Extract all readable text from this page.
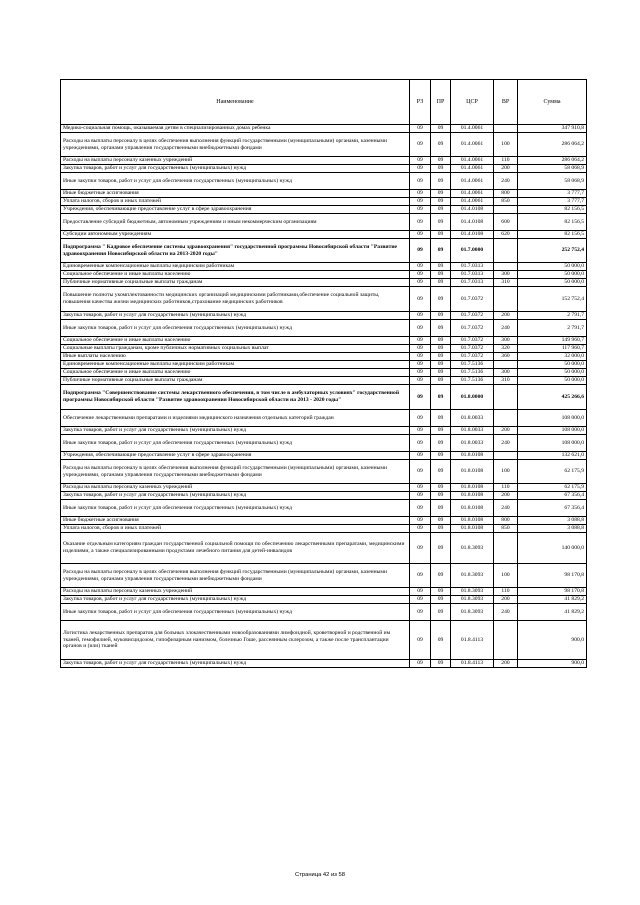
Наименование	РЗ	ПР	ЦСР	ВР	Сумма
Медико-социальная помощь, оказываемая детям в специализированных домах ребенка	09	09	01.4.0061		347 910,8
Расходы на выплаты персоналу в целях обеспечения выполнения функций государственными (муниципальными) органами, казенными учреждениями, органами управления государственными внебюджетными фондами	09	09	01.4.0061	100	286 064,2
Расходы на выплаты персоналу казенных учреждений	09	09	01.4.0061	110	286 064,2
Закупка товаров, работ и услуг для государственных (муниципальных) нужд	09	09	01.4.0061	200	58 068,9
Иные закупки товаров, работ и услуг для обеспечения государственных (муниципальных) нужд	09	09	01.4.0061	240	58 068,9
Иные бюджетные ассигнования	09	09	01.4.0061	800	3 777,7
Уплата налогов, сборов и иных платежей	09	09	01.4.0061	850	3 777,7
Учреждения, обеспечивающие предоставление услуг в сфере здравоохранения	09	09	01.4.0108		82 156,5
Предоставление субсидий бюджетным, автономным учреждениям и иным некоммерческим организациям	09	09	01.4.0108	600	82 156,5
Субсидии автономным учреждениям	09	09	01.4.0108	620	82 156,5
Подпрограмма " Кадровое обеспечение системы здравоохранения" государственной программы Новосибирской области "Развитие здравоохранения Новосибирской области на 2013-2020 годы"	09	09	01.7.0000		252 752,4
Единовременные компенсационные выплаты медицинским работникам	09	09	01.7.0313		50 000,0
Социальное обеспечение и иные выплаты населению	09	09	01.7.0313	300	50 000,0
Публичные нормативные социальные выплаты гражданам	09	09	01.7.0313	310	50 000,0
Повышение полноты укомплектованности медицинских организаций медицинскими работниками,обеспечение социальной защиты, повышения качества жизни медицинских работников,страхование медицинских работников	09	09	01.7.0372		152 752,4
Закупка товаров, работ и услуг для государственных (муниципальных) нужд	09	09	01.7.0372	200	2 791,7
Иные закупки товаров, работ и услуг для обеспечения государственных (муниципальных) нужд	09	09	01.7.0372	240	2 791,7
Социальное обеспечение и иные выплаты населению	09	09	01.7.0372	300	149 960,7
Социальные выплаты гражданам, кроме публичных нормативных социальных выплат	09	09	01.7.0372	320	117 960,7
Иные выплаты населению	09	09	01.7.0372	360	32 000,0
Единовременные компенсационные выплаты медицинским работникам	09	09	01.7.5136		50 000,0
Социальное обеспечение и иные выплаты населению	09	09	01.7.5136	300	50 000,0
Публичные нормативные социальные выплаты гражданам	09	09	01.7.5136	310	50 000,0
Подпрограмма "Совершенствование системы лекарственного обеспечения, в том числе в амбулаторных условиях" государственной программы Новосибирской области "Развитие здравоохранения Новосибирской области на 2013 - 2020 годы"	09	09	01.8.0000		425 266,6
Обеспечение лекарственными препаратами и изделиями медицинского назначения отдельных категорий граждан	09	09	01.8.0033		108 000,0
Закупка товаров, работ и услуг для государственных (муниципальных) нужд	09	09	01.8.0033	200	108 000,0
Иные закупки товаров, работ и услуг для обеспечения государственных (муниципальных) нужд	09	09	01.8.0033	240	108 000,0
Учреждения, обеспечивающие предоставление услуг в сфере здравоохранения	09	09	01.8.0108		132 621,0
Расходы на выплаты персоналу в целях обеспечения выполнения функций государственными (муниципальными) органами, казенными учреждениями, органами управления государственными внебюджетными фондами	09	09	01.8.0108	100	62 175,9
Расходы на выплаты персоналу казенных учреждений	09	09	01.8.0108	110	62 175,9
Закупка товаров, работ и услуг для государственных (муниципальных) нужд	09	09	01.8.0108	200	67 356,4
Иные закупки товаров, работ и услуг для обеспечения государственных (муниципальных) нужд	09	09	01.8.0108	240	67 356,4
Иные бюджетные ассигнования	09	09	01.8.0108	800	3 088,8
Уплата налогов, сборов и иных платежей	09	09	01.8.0108	850	3 088,8
Оказание отдельным категориям граждан государственной социальной помощи по обеспечению лекарственными препаратами, медицинскими изделиями, а также специализированными продуктами лечебного питания для детей-инвалидов	09	09	01.8.3093		140 000,0
Расходы на выплаты персоналу в целях обеспечения выполнения функций государственными (муниципальными) органами, казенными учреждениями, органами управления государственными внебюджетными фондами	09	09	01.8.3093	100	98 170,8
Расходы на выплаты персоналу казенных учреждений	09	09	01.8.3093	110	98 170,8
Закупка товаров, работ и услуг для государственных (муниципальных) нужд	09	09	01.8.3093	200	41 829,2
Иные закупки товаров, работ и услуг для обеспечения государственных (муниципальных) нужд	09	09	01.8.3093	240	41 829,2
Логистика лекарственных препаратов для больных злокачественными новообразованиями лимфоидной, кроветворной и родственной им тканей, гемофилией, муковисцидозом, гипофизарным нанизмом, болезнью Гоше, рассеянным склерозом, а также после трансплантации органов и (или) тканей	09	09	01.8.4113		900,0
Закупка товаров, работ и услуг для государственных (муниципальных) нужд	09	09	01.8.4113	200	900,0
Страница 42 из 58
